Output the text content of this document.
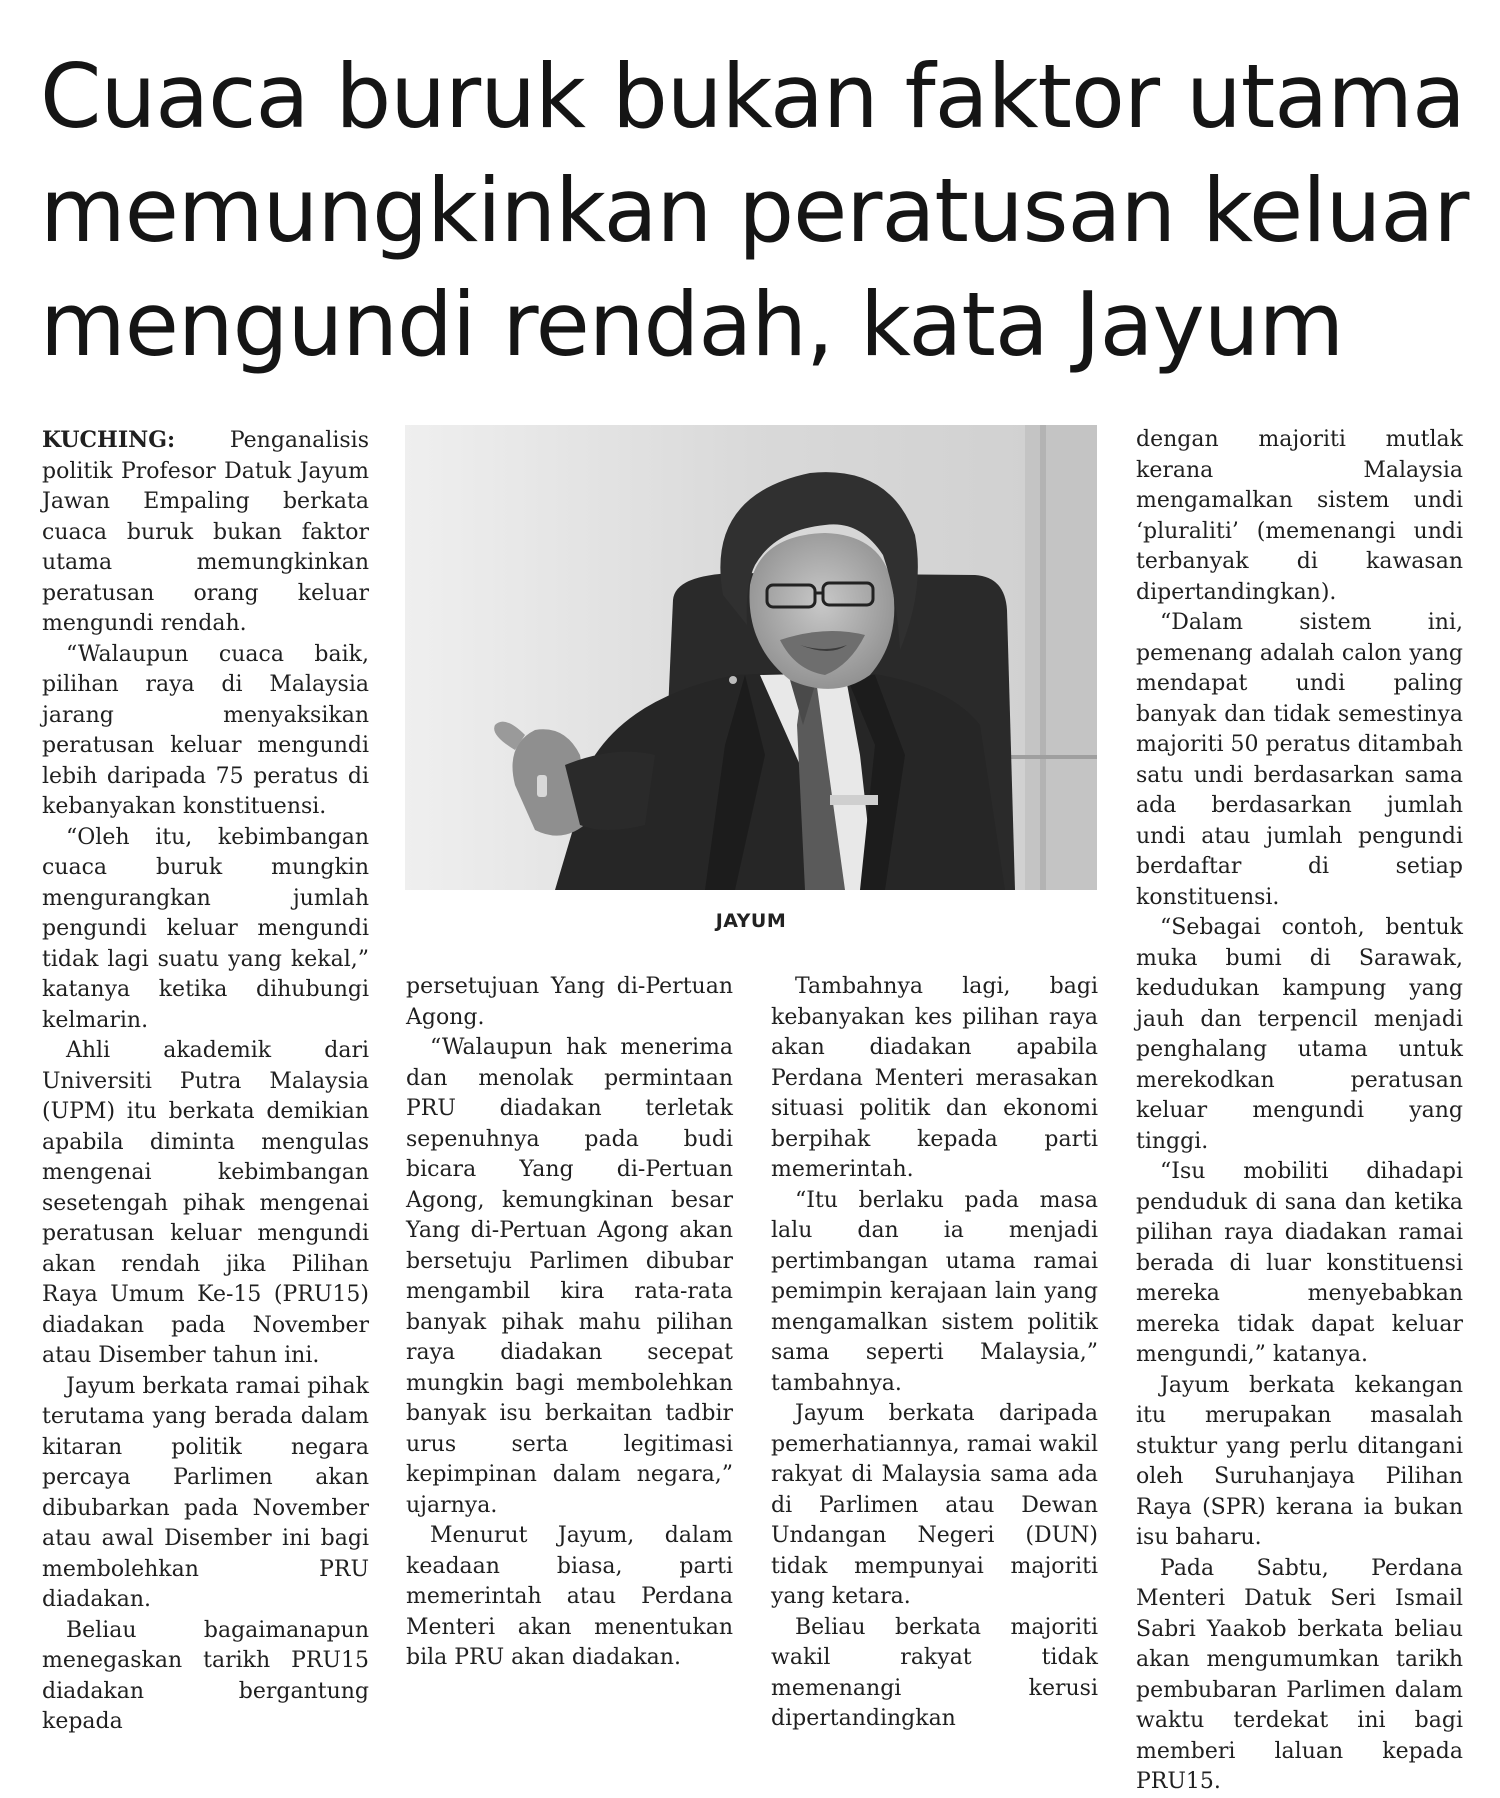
Cuaca buruk bukan faktor utama
memungkinkan peratusan keluar
mengundi rendah, kata Jayum

KUCHING: Penganalisis politik Profesor Datuk Jayum Jawan Empaling berkata cuaca buruk bukan faktor utama memungkinkan peratusan orang keluar mengundi rendah.

“Walaupun cuaca baik, pilihan raya di Malaysia jarang menyaksikan peratusan keluar mengundi lebih daripada 75 peratus di kebanyakan konstituensi.

“Oleh itu, kebimbangan cuaca buruk mungkin mengurangkan jumlah pengundi keluar mengundi tidak lagi suatu yang kekal,” katanya ketika dihubungi kelmarin.

Ahli akademik dari Universiti Putra Malaysia (UPM) itu berkata demikian apabila diminta mengulas mengenai kebimbangan sesetengah pihak mengenai peratusan keluar mengundi akan rendah jika Pilihan Raya Umum Ke-15 (PRU15) diadakan pada November atau Disember tahun ini.

Jayum berkata ramai pihak terutama yang berada dalam kitaran politik negara percaya Parlimen akan dibubarkan pada November atau awal Disember ini bagi membolehkan PRU diadakan.

Beliau bagaimanapun menegaskan tarikh PRU15 diadakan bergantung kepada

JAYUM

persetujuan Yang di-Pertuan Agong.

“Walaupun hak menerima dan menolak permintaan PRU diadakan terletak sepenuhnya pada budi bicara Yang di-Pertuan Agong, kemungkinan besar Yang di-Pertuan Agong akan bersetuju Parlimen dibubar mengambil kira rata-rata banyak pihak mahu pilihan raya diadakan secepat mungkin bagi membolehkan banyak isu berkaitan tadbir urus serta legitimasi kepimpinan dalam negara,” ujarnya.

Menurut Jayum, dalam keadaan biasa, parti memerintah atau Perdana Menteri akan menentukan bila PRU akan diadakan.

Tambahnya lagi, bagi kebanyakan kes pilihan raya akan diadakan apabila Perdana Menteri merasakan situasi politik dan ekonomi berpihak kepada parti memerintah.

“Itu berlaku pada masa lalu dan ia menjadi pertimbangan utama ramai pemimpin kerajaan lain yang mengamalkan sistem politik sama seperti Malaysia,” tambahnya.

Jayum berkata daripada pemerhatiannya, ramai wakil rakyat di Malaysia sama ada di Parlimen atau Dewan Undangan Negeri (DUN) tidak mempunyai majoriti yang ketara.

Beliau berkata majoriti wakil rakyat tidak memenangi kerusi dipertandingkan

dengan majoriti mutlak kerana Malaysia mengamalkan sistem undi ‘pluraliti’ (memenangi undi terbanyak di kawasan dipertandingkan).

“Dalam sistem ini, pemenang adalah calon yang mendapat undi paling banyak dan tidak semestinya majoriti 50 peratus ditambah satu undi berdasarkan sama ada berdasarkan jumlah undi atau jumlah pengundi berdaftar di setiap konstituensi.

“Sebagai contoh, bentuk muka bumi di Sarawak, kedudukan kampung yang jauh dan terpencil menjadi penghalang utama untuk merekodkan peratusan keluar mengundi yang tinggi.

“Isu mobiliti dihadapi penduduk di sana dan ketika pilihan raya diadakan ramai berada di luar konstituensi mereka menyebabkan mereka tidak dapat keluar mengundi,” katanya.

Jayum berkata kekangan itu merupakan masalah stuktur yang perlu ditangani oleh Suruhanjaya Pilihan Raya (SPR) kerana ia bukan isu baharu.

Pada Sabtu, Perdana Menteri Datuk Seri Ismail Sabri Yaakob berkata beliau akan mengumumkan tarikh pembubaran Parlimen dalam waktu terdekat ini bagi memberi laluan kepada PRU15.
